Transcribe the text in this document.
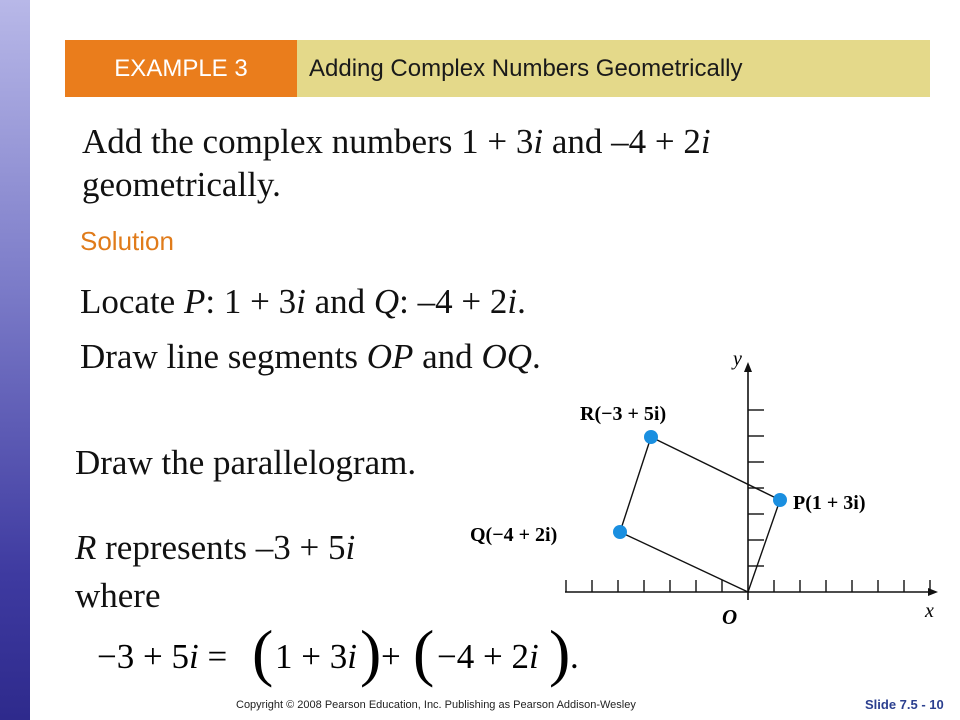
EXAMPLE 3	Adding Complex Numbers Geometrically
Add the complex numbers 1 + 3i and –4 + 2i
geometrically.
Solution
Locate P: 1 + 3i and Q: –4 + 2i.
Draw line segments OP and OQ.
Draw the parallelogram.
R represents –3 + 5i
where
−3 + 5i = ( 1 + 3i ) + ( −4 + 2i ) .
y
x
O
R(−3 + 5i)
P(1 + 3i)
Q(−4 + 2i)
Copyright © 2008 Pearson Education, Inc. Publishing as Pearson Addison-Wesley	Slide 7.5 - 10
